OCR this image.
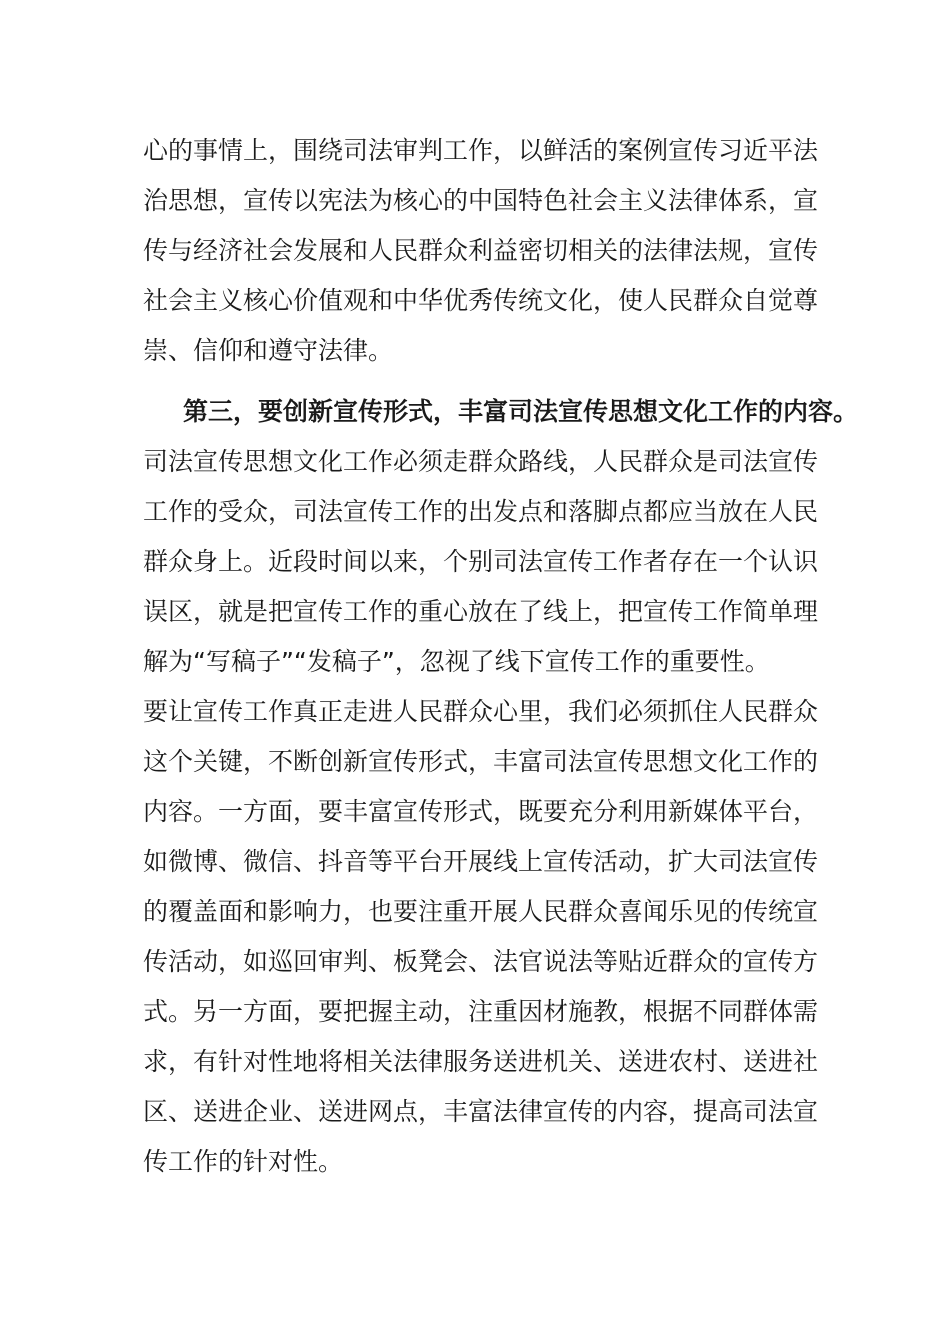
心的事情上，围绕司法审判工作，以鲜活的案例宣传习近平法
治思想，宣传以宪法为核心的中国特色社会主义法律体系，宣
传与经济社会发展和人民群众利益密切相关的法律法规，宣传
社会主义核心价值观和中华优秀传统文化，使人民群众自觉尊
崇、信仰和遵守法律。
第三，要创新宣传形式，丰富司法宣传思想文化工作的内容。
司法宣传思想文化工作必须走群众路线，人民群众是司法宣传
工作的受众，司法宣传工作的出发点和落脚点都应当放在人民
群众身上。近段时间以来，个别司法宣传工作者存在一个认识
误区，就是把宣传工作的重心放在了线上，把宣传工作简单理
解为“写稿子”“发稿子”，忽视了线下宣传工作的重要性。
要让宣传工作真正走进人民群众心里，我们必须抓住人民群众
这个关键，不断创新宣传形式，丰富司法宣传思想文化工作的
内容。一方面，要丰富宣传形式，既要充分利用新媒体平台，
如微博、微信、抖音等平台开展线上宣传活动，扩大司法宣传
的覆盖面和影响力，也要注重开展人民群众喜闻乐见的传统宣
传活动，如巡回审判、板凳会、法官说法等贴近群众的宣传方
式。另一方面，要把握主动，注重因材施教，根据不同群体需
求，有针对性地将相关法律服务送进机关、送进农村、送进社
区、送进企业、送进网点，丰富法律宣传的内容，提高司法宣
传工作的针对性。
